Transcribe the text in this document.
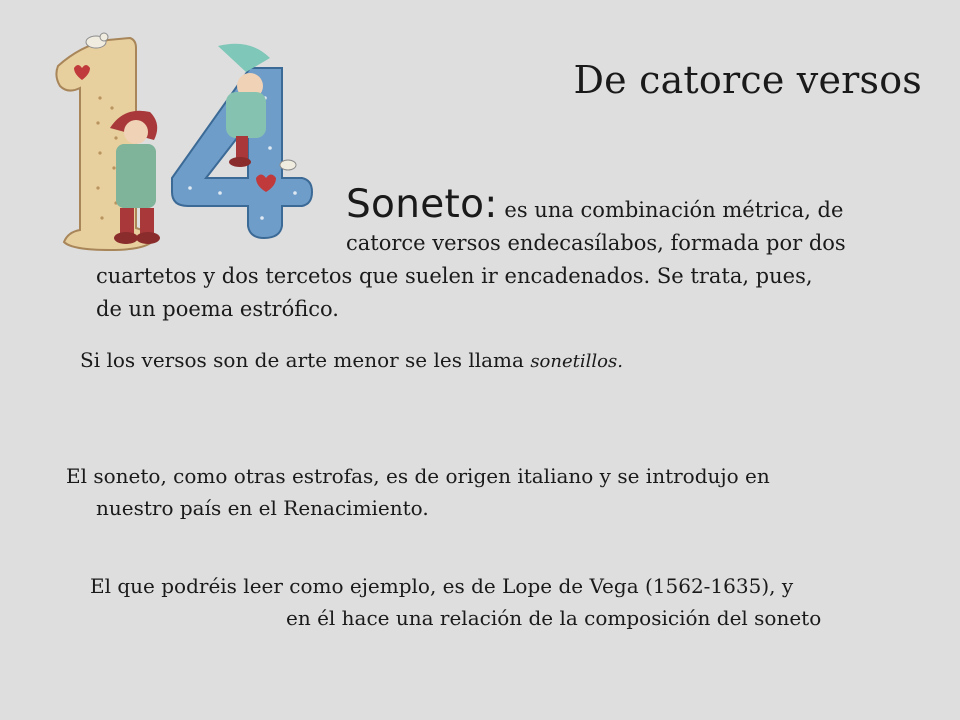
De catorce versos

Soneto: es una combinación métrica, de
catorce versos endecasílabos, formada por dos
cuartetos y dos tercetos que suelen ir encadenados. Se trata, pues,
de un poema estrófico.

Si los versos son de arte menor se les llama sonetillos.

El soneto, como otras estrofas, es de origen italiano y se introdujo en
nuestro país en el Renacimiento.

El que podréis leer como ejemplo, es de Lope de Vega (1562-1635), y
en él hace una relación de la composición del soneto
